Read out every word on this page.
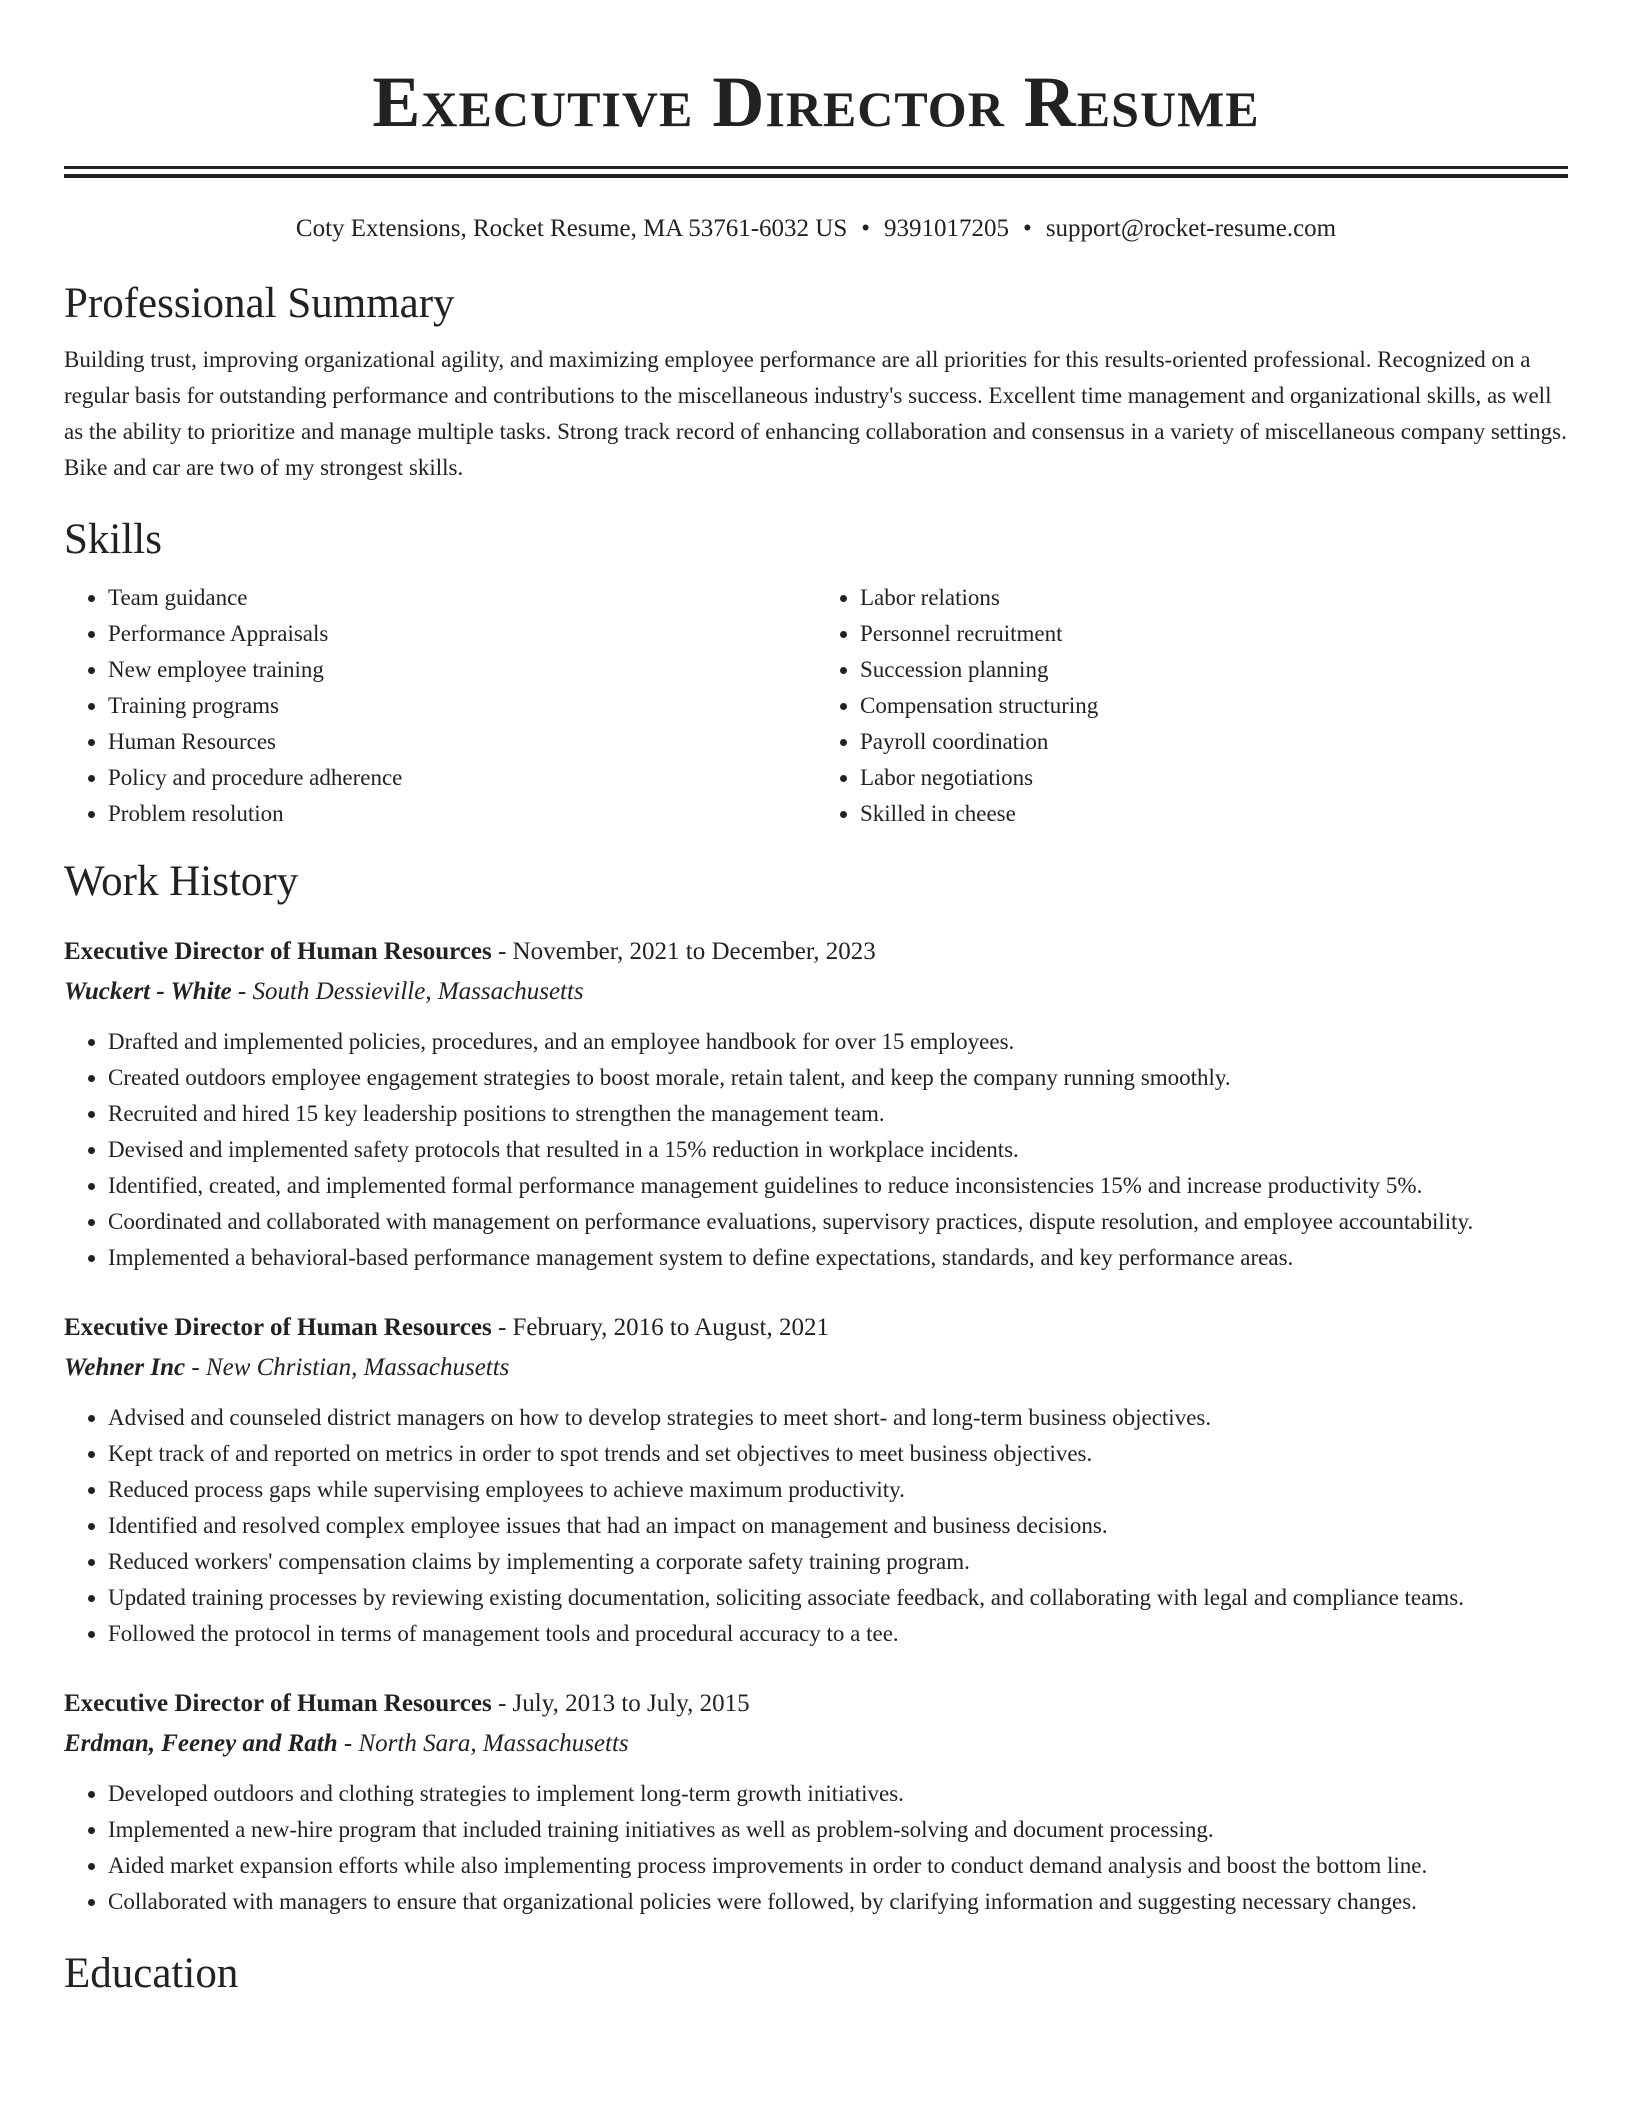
Executive Director Resume
Coty Extensions, Rocket Resume, MA 53761-6032 US • 9391017205 • support@rocket-resume.com
Professional Summary

Building trust, improving organizational agility, and maximizing employee performance are all priorities for this results-oriented professional. Recognized on a regular basis for outstanding performance and contributions to the miscellaneous industry's success. Excellent time management and organizational skills, as well as the ability to prioritize and manage multiple tasks. Strong track record of enhancing collaboration and consensus in a variety of miscellaneous company settings. Bike and car are two of my strongest skills.

Skills
• Team guidance
• Performance Appraisals
• New employee training
• Training programs
• Human Resources
• Policy and procedure adherence
• Problem resolution
• Labor relations
• Personnel recruitment
• Succession planning
• Compensation structuring
• Payroll coordination
• Labor negotiations
• Skilled in cheese
Work History
Executive Director of Human Resources - November, 2021 to December, 2023
Wuckert - White - South Dessieville, Massachusetts
• Drafted and implemented policies, procedures, and an employee handbook for over 15 employees.
• Created outdoors employee engagement strategies to boost morale, retain talent, and keep the company running smoothly.
• Recruited and hired 15 key leadership positions to strengthen the management team.
• Devised and implemented safety protocols that resulted in a 15% reduction in workplace incidents.
• Identified, created, and implemented formal performance management guidelines to reduce inconsistencies 15% and increase productivity 5%.
• Coordinated and collaborated with management on performance evaluations, supervisory practices, dispute resolution, and employee accountability.
• Implemented a behavioral-based performance management system to define expectations, standards, and key performance areas.
Executive Director of Human Resources - February, 2016 to August, 2021
Wehner Inc - New Christian, Massachusetts
• Advised and counseled district managers on how to develop strategies to meet short- and long-term business objectives.
• Kept track of and reported on metrics in order to spot trends and set objectives to meet business objectives.
• Reduced process gaps while supervising employees to achieve maximum productivity.
• Identified and resolved complex employee issues that had an impact on management and business decisions.
• Reduced workers' compensation claims by implementing a corporate safety training program.
• Updated training processes by reviewing existing documentation, soliciting associate feedback, and collaborating with legal and compliance teams.
• Followed the protocol in terms of management tools and procedural accuracy to a tee.
Executive Director of Human Resources - July, 2013 to July, 2015
Erdman, Feeney and Rath - North Sara, Massachusetts
• Developed outdoors and clothing strategies to implement long-term growth initiatives.
• Implemented a new-hire program that included training initiatives as well as problem-solving and document processing.
• Aided market expansion efforts while also implementing process improvements in order to conduct demand analysis and boost the bottom line.
• Collaborated with managers to ensure that organizational policies were followed, by clarifying information and suggesting necessary changes.
Education
